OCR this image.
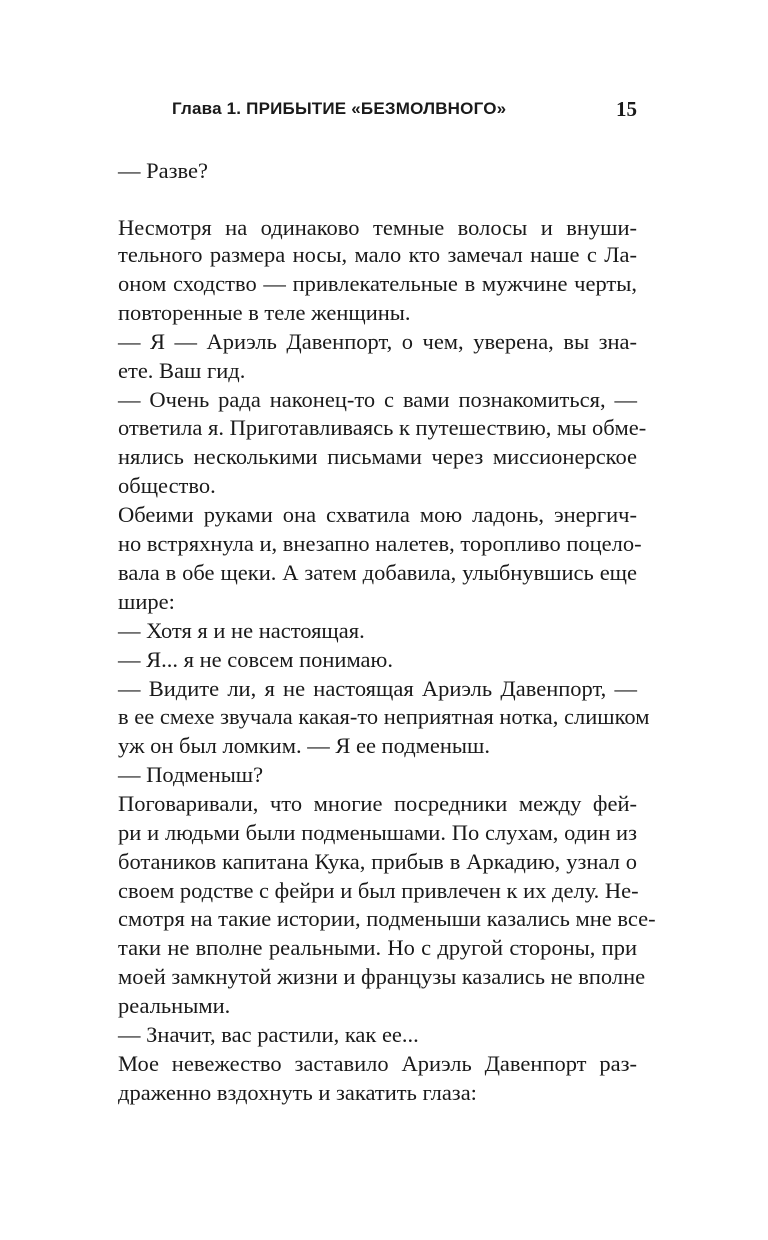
Глава 1. ПРИБЫТИЕ «БЕЗМОЛВНОГО»	15
— Разве?
Несмотря на одинаково темные волосы и внуши-
тельного размера носы, мало кто замечал наше с Ла-
оном сходство — привлекательные в мужчине черты,
повторенные в теле женщины.
— Я — Ариэль Давенпорт, о чем, уверена, вы зна-
ете. Ваш гид.
— Очень рада наконец-то с вами познакомиться, —
ответила я. Приготавливаясь к путешествию, мы обме-
нялись несколькими письмами через миссионерское
общество.
Обеими руками она схватила мою ладонь, энергич-
но встряхнула и, внезапно налетев, торопливо поцело-
вала в обе щеки. А затем добавила, улыбнувшись еще
шире:
— Хотя я и не настоящая.
— Я... я не совсем понимаю.
— Видите ли, я не настоящая Ариэль Давенпорт, —
в ее смехе звучала какая-то неприятная нотка, слишком
уж он был ломким. — Я ее подменыш.
— Подменыш?
Поговаривали, что многие посредники между фей-
ри и людьми были подменышами. По слухам, один из
ботаников капитана Кука, прибыв в Аркадию, узнал о
своем родстве с фейри и был привлечен к их делу. Не-
смотря на такие истории, подменыши казались мне все-
таки не вполне реальными. Но с другой стороны, при
моей замкнутой жизни и французы казались не вполне
реальными.
— Значит, вас растили, как ее...
Мое невежество заставило Ариэль Давенпорт раз-
драженно вздохнуть и закатить глаза:
